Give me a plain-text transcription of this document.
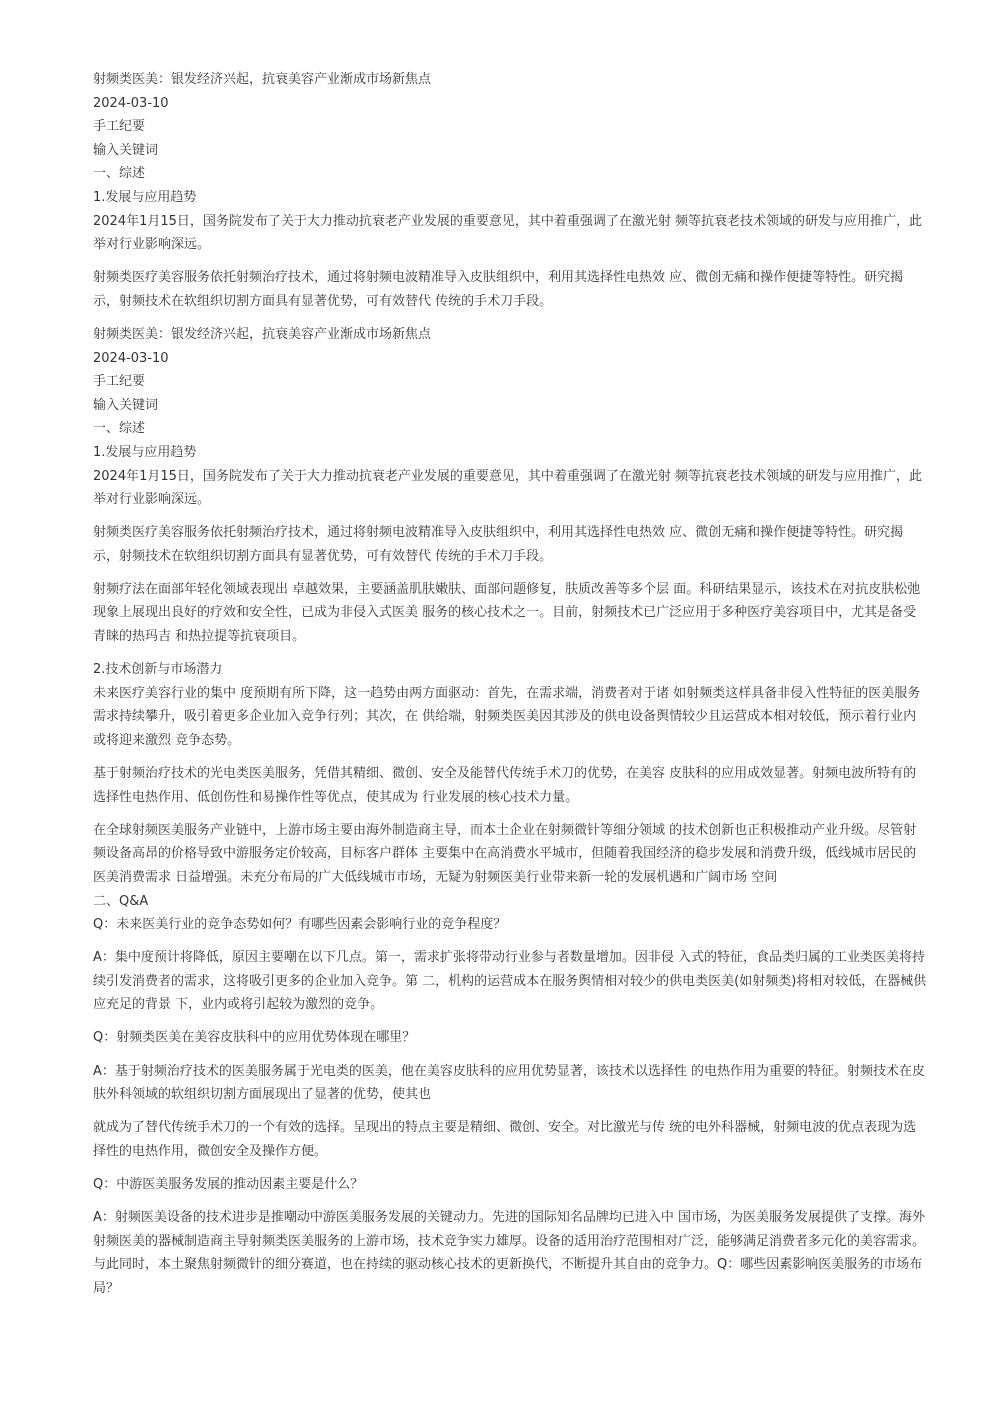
射频类医美：银发经济兴起，抗衰美容产业渐成市场新焦点
2024-03-10
手工纪要
输入关键词
一、综述
1.发展与应用趋势
2024年1月15日，国务院发布了关于大力推动抗衰老产业发展的重要意见，其中着重强调了在激光射 频等抗衰老技术领域的研发与应用推广，此
举对行业影响深远。
射频类医疗美容服务依托射频治疗技术，通过将射频电波精准导入皮肤组织中，利用其选择性电热效 应、微创无痛和操作便捷等特性。研究揭
示，射频技术在软组织切割方面具有显著优势，可有效替代 传统的手术刀手段。
射频类医美：银发经济兴起，抗衰美容产业渐成市场新焦点
2024-03-10
手工纪要
输入关键词
一、综述
1.发展与应用趋势
2024年1月15日，国务院发布了关于大力推动抗衰老产业发展的重要意见，其中着重强调了在激光射 频等抗衰老技术领域的研发与应用推广，此
举对行业影响深远。
射频类医疗美容服务依托射频治疗技术，通过将射频电波精准导入皮肤组织中，利用其选择性电热效 应、微创无痛和操作便捷等特性。研究揭
示，射频技术在软组织切割方面具有显著优势，可有效替代 传统的手术刀手段。
射频疗法在面部年轻化领域表现出 卓越效果，主要涵盖肌肤嫩肤、面部问题修复，肤质改善等多个层 面。科研结果显示，该技术在对抗皮肤松弛
现象上展现出良好的疗效和安全性，已成为非侵入式医美 服务的核心技术之一。目前，射频技术已广泛应用于多种医疗美容项目中，尤其是备受
青睐的热玛吉 和热拉提等抗衰项目。
2.技术创新与市场潜力
未来医疗美容行业的集中 度预期有所下降，这一趋势由两方面驱动：首先，在需求端，消费者对于诸 如射频类这样具备非侵入性特征的医美服务
需求持续攀升，吸引着更多企业加入竞争行列；其次，在 供给端，射频类医美因其涉及的供电设备舆情较少且运营成本相对较低，预示着行业内
或将迎来激烈 竞争态势。
基于射频治疗技术的光电类医美服务，凭借其精细、微创、安全及能替代传统手术刀的优势，在美容 皮肤科的应用成效显著。射频电波所特有的
选择性电热作用、低创伤性和易操作性等优点，使其成为 行业发展的核心技术力量。
在全球射频医美服务产业链中，上游市场主要由海外制造商主导，而本土企业在射频微针等细分领域 的技术创新也正积极推动产业升级。尽管射
频设备高昂的价格导致中游服务定价较高，目标客户群体 主要集中在高消费水平城市，但随着我国经济的稳步发展和消费升级，低线城市居民的
医美消费需求 日益增强。未充分布局的广大低线城市市场，无疑为射频医美行业带来新一轮的发展机遇和广阔市场 空间
二、Q&A
Q：未来医美行业的竞争态势如何？有哪些因素会影响行业的竞争程度？
A：集中度预计将降低，原因主要嘲在以下几点。第一，需求扩张将带动行业参与者数量增加。因非侵 入式的特征，食品类归属的工业类医美将持
续引发消费者的需求，这将吸引更多的企业加入竞争。第 二，机构的运营成本在服务舆情相对较少的供电类医美(如射频类)将相对较低，在器械供
应充足的背景 下，业内或将引起较为激烈的竞争。
Q：射频类医美在美容皮肤科中的应用优势体现在哪里？
A：基于射频治疗技术的医美服务属于光电类的医美，他在美容皮肤科的应用优势显著，该技术以选择性 的电热作用为重要的特征。射频技术在皮
肤外科领域的软组织切割方面展现出了显著的优势，使其也
就成为了替代传统手术刀的一个有效的选择。呈现出的特点主要是精细、微创、安全。对比激光与传 统的电外科器械，射频电波的优点表现为选
择性的电热作用，微创安全及操作方便。
Q：中游医美服务发展的推动因素主要是什么？
A：射频医美设备的技术进步是推嘲动中游医美服务发展的关键动力。先进的国际知名品牌均已进入中 国市场，为医美服务发展提供了支撑。海外
射频医美的器械制造商主导射频类医美服务的上游市场，技术竞争实力雄厚。设备的适用治疗范围相对广泛，能够满足消费者多元化的美容需求。
与此同时，本土聚焦射频微针的细分赛道，也在持续的驱动核心技术的更新换代，不断提升其自由的竞争力。Q：哪些因素影响医美服务的市场布
局？
